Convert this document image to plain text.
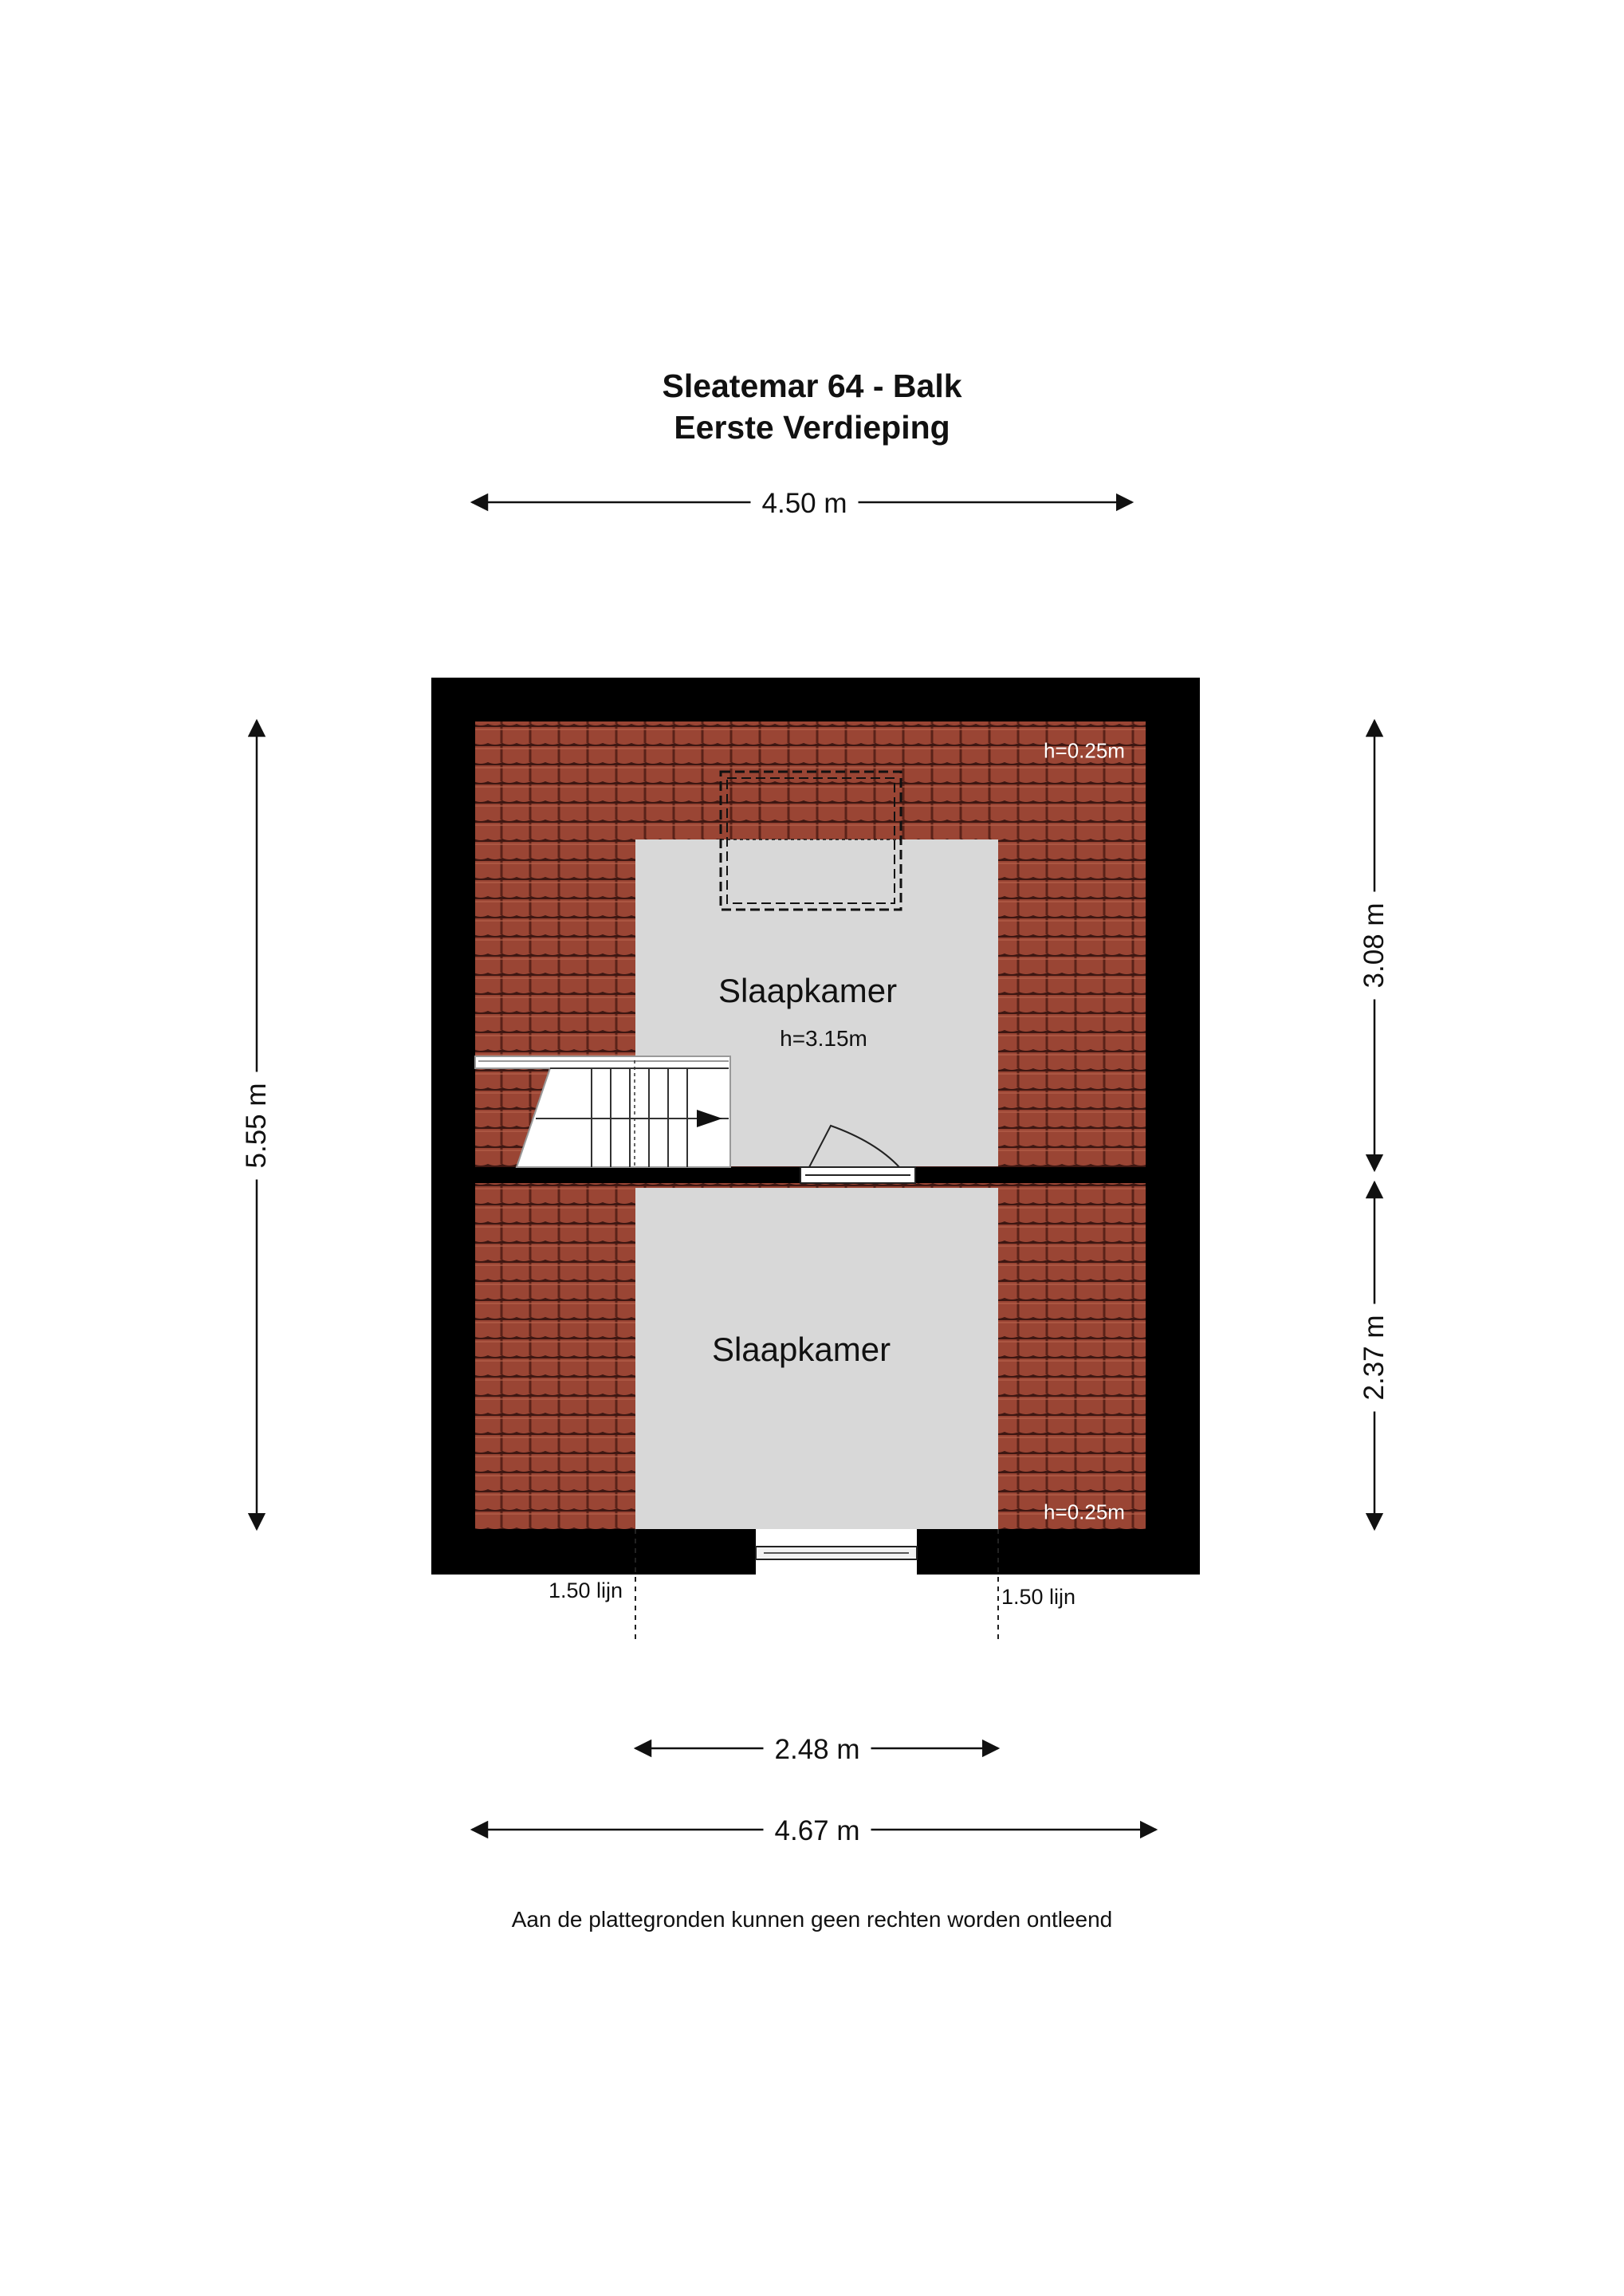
Sleatemar 64 - Balk
Eerste Verdieping
4.50 m
5.55 m
3.08 m
2.37 m
2.48 m
4.67 m
Slaapkamer
h=3.15m
Slaapkamer
h=0.25m
h=0.25m
1.50 lijn	1.50 lijn
Aan de plattegronden kunnen geen rechten worden ontleend
